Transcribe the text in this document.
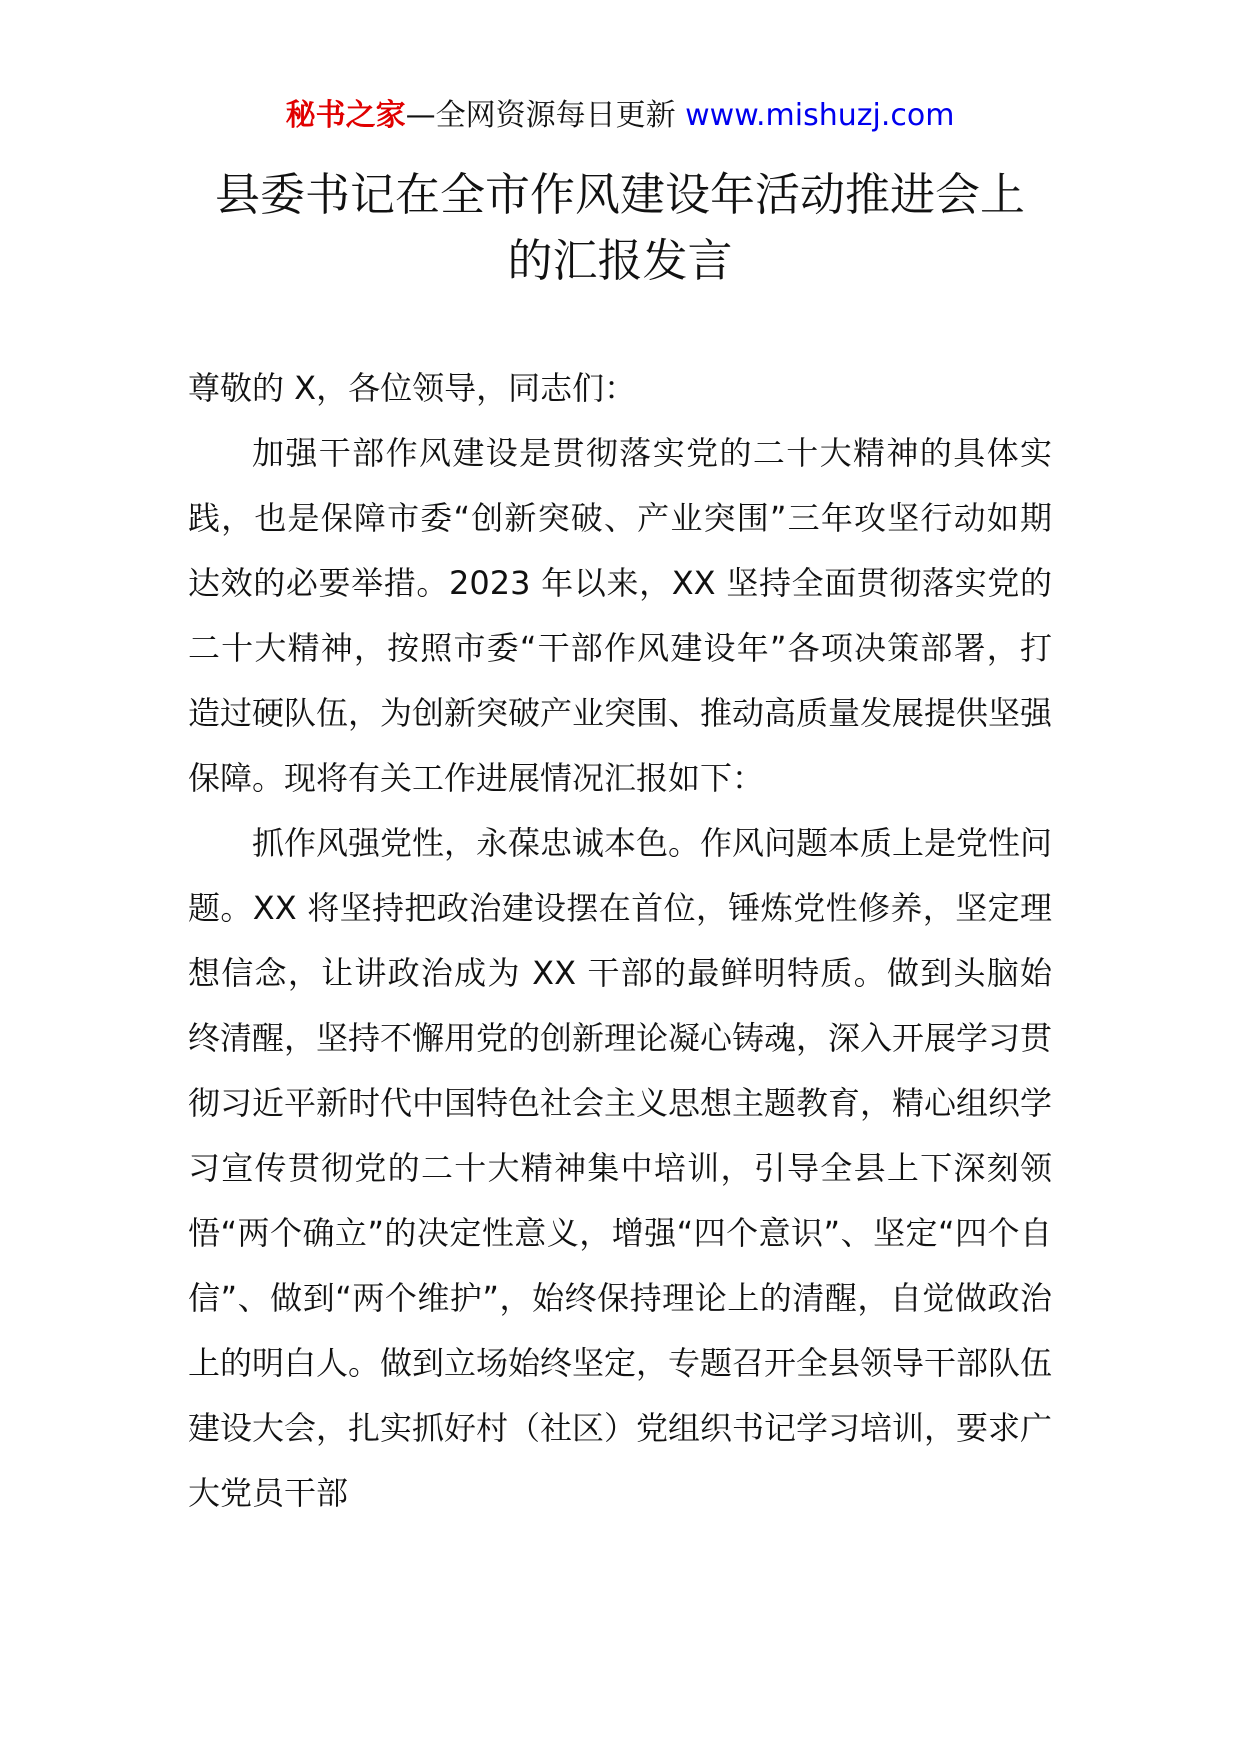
秘书之家—全网资源每日更新 www.mishuzj.com
县委书记在全市作风建设年活动推进会上
的汇报发言

尊敬的 X，各位领导，同志们：

加强干部作风建设是贯彻落实党的二十大精神的具体实践，也是保障市委“创新突破、产业突围”三年攻坚行动如期达效的必要举措。2023 年以来，XX 坚持全面贯彻落实党的二十大精神，按照市委“干部作风建设年”各项决策部署，打造过硬队伍，为创新突破产业突围、推动高质量发展提供坚强保障。现将有关工作进展情况汇报如下：

抓作风强党性，永葆忠诚本色。作风问题本质上是党性问题。XX 将坚持把政治建设摆在首位，锤炼党性修养，坚定理想信念，让讲政治成为 XX 干部的最鲜明特质。做到头脑始终清醒，坚持不懈用党的创新理论凝心铸魂，深入开展学习贯彻习近平新时代中国特色社会主义思想主题教育，精心组织学习宣传贯彻党的二十大精神集中培训，引导全县上下深刻领悟“两个确立”的决定性意义，增强“四个意识”、坚定“四个自信”、做到“两个维护”，始终保持理论上的清醒，自觉做政治上的明白人。做到立场始终坚定，专题召开全县领导干部队伍建设大会，扎实抓好村（社区）党组织书记学习培训，要求广大党员干部
